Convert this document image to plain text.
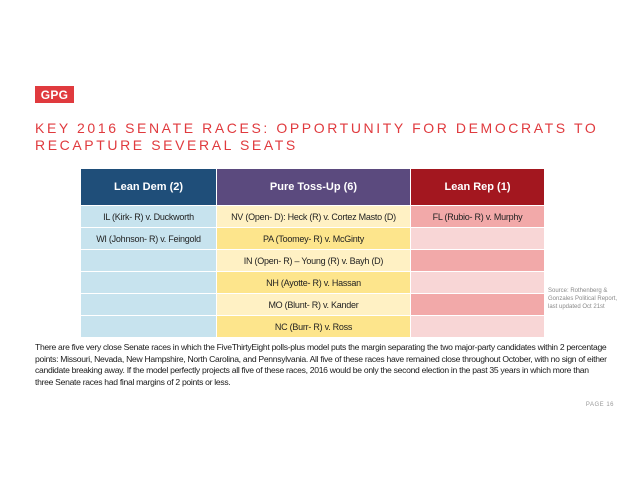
GPG
KEY 2016 SENATE RACES: OPPORTUNITY FOR DEMOCRATS TO RECAPTURE SEVERAL SEATS
Lean Dem (2)	Pure Toss-Up (6)	Lean Rep (1)
IL (Kirk- R) v. Duckworth	NV (Open- D): Heck (R) v. Cortez Masto (D)	FL (Rubio- R) v. Murphy
WI (Johnson- R) v. Feingold	PA (Toomey- R) v. McGinty	
	IN (Open- R) – Young (R) v. Bayh (D)	
	NH (Ayotte- R) v. Hassan	
	MO (Blunt- R) v. Kander	
	NC (Burr- R) v. Ross	
Source: Rothenberg & Gonzales Political Report, last updated Oct 21st
There are five very close Senate races in which the FiveThirtyEight polls-plus model puts the margin separating the two major-party candidates within 2 percentage points: Missouri, Nevada, New Hampshire, North Carolina, and Pennsylvania. All five of these races have remained close throughout October, with no sign of either candidate breaking away. If the model perfectly projects all five of these races, 2016 would be only the second election in the past 35 years in which more than three Senate races had final margins of 2 points or less.
PAGE 16
